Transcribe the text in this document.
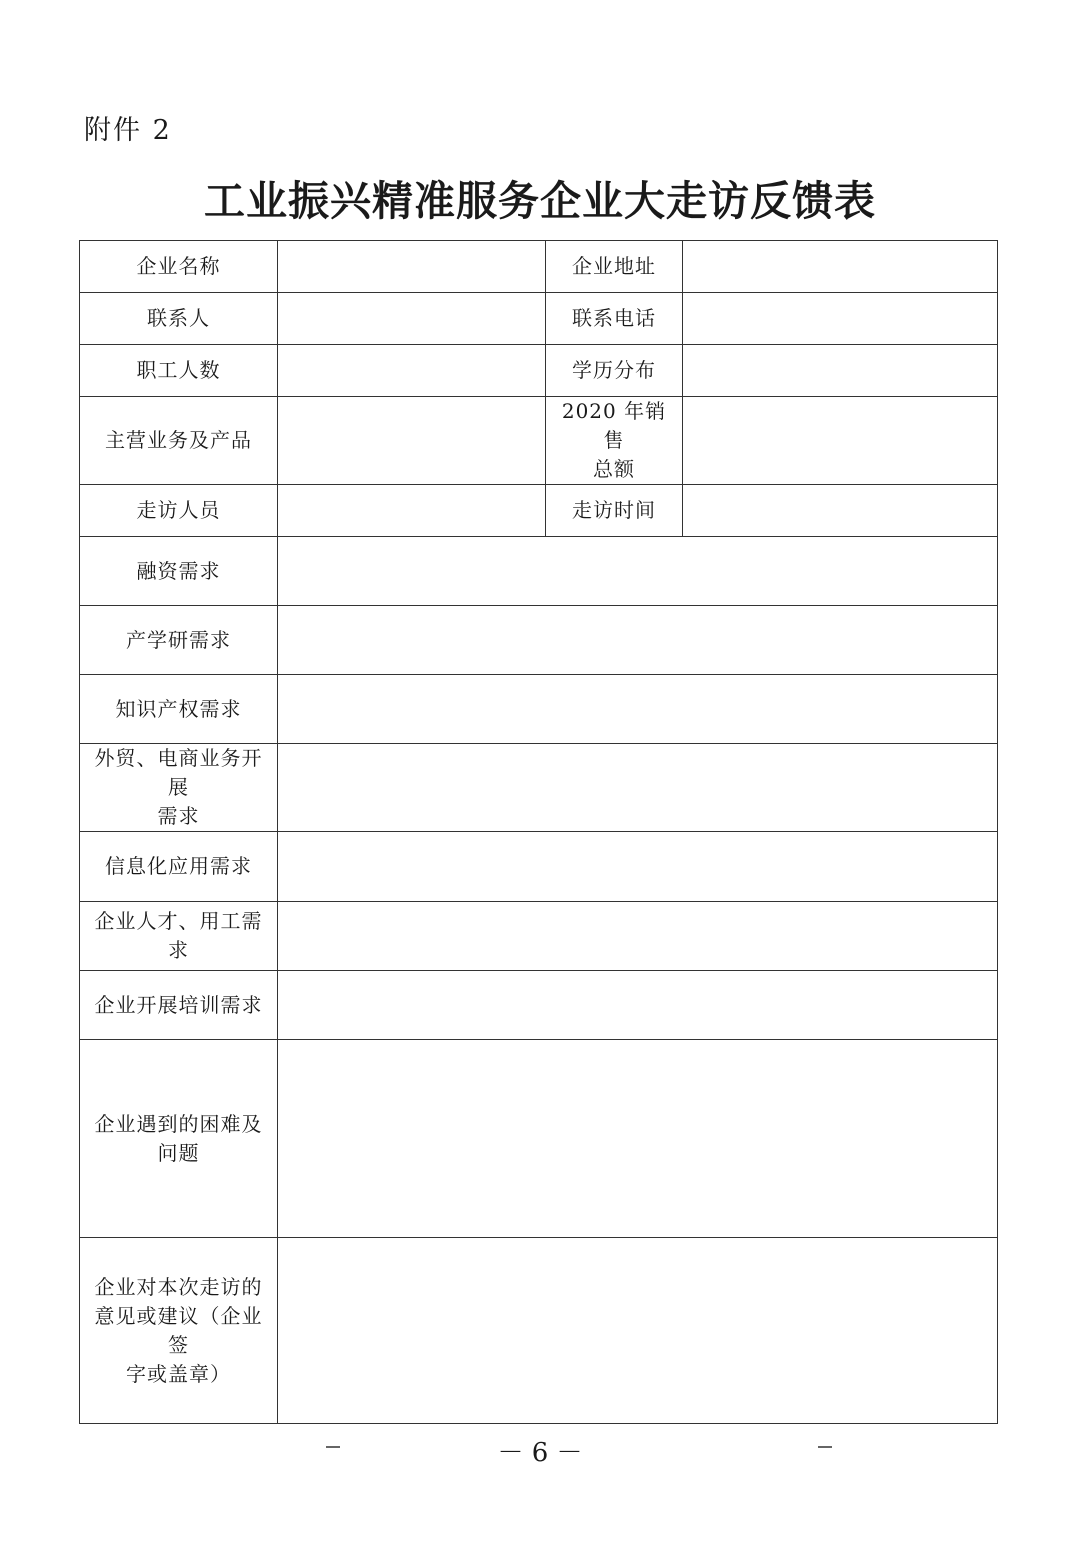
附件 2
工业振兴精准服务企业大走访反馈表
企业名称		企业地址	
联系人		联系电话	
职工人数		学历分布	
主营业务及产品		2020 年销售
总额	

走访人员		走访时间	
融资需求			
产学研需求			
知识产权需求			

外贸、电商业务开展
需求			

信息化应用需求			
企业人才、用工需求			
企业开展培训需求			

企业遇到的困难及
问题			

企业对本次走访的
意见或建议（企业签
字或盖章）			

－ 6 －
